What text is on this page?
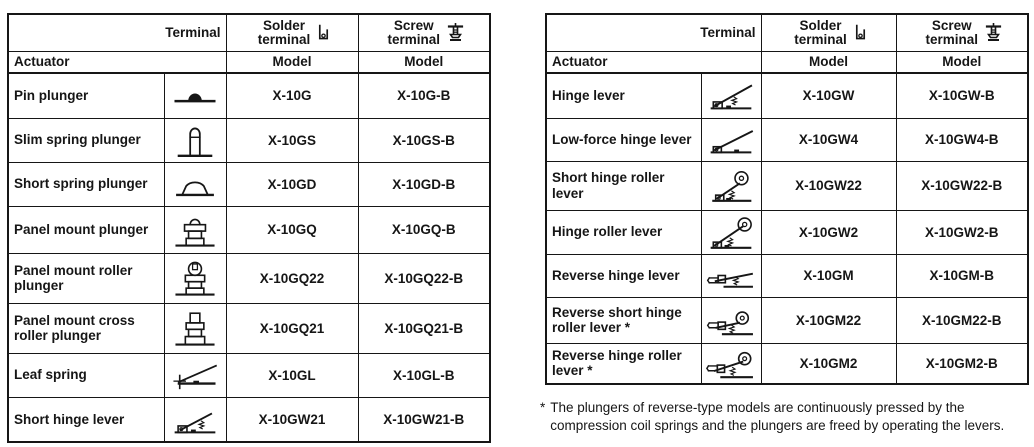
Terminal		Solder terminal	Screw terminal

Actuator		Model	Model
Pin plunger		X-10G	X-10G-B
Slim spring plunger		X-10GS	X-10GS-B
Short spring plunger		X-10GD	X-10GD-B
Panel mount plunger		X-10GQ	X-10GQ-B
Panel mount roller plunger		X-10GQ22	X-10GQ22-B
Panel mount cross roller plunger		X-10GQ21	X-10GQ21-B
Leaf spring		X-10GL	X-10GL-B
Short hinge lever		X-10GW21	X-10GW21-B
Terminal		Solder terminal	Screw terminal

Actuator		Model	Model
Hinge lever		X-10GW	X-10GW-B
Low-force hinge lever		X-10GW4	X-10GW4-B
Short hinge roller lever		X-10GW22	X-10GW22-B
Hinge roller lever		X-10GW2	X-10GW2-B
Reverse hinge lever		X-10GM	X-10GM-B
Reverse short hinge roller lever *		X-10GM22	X-10GM22-B
Reverse hinge roller lever *		X-10GM2	X-10GM2-B
* The plungers of reverse-type models are continuously pressed by the
compression coil springs and the plungers are freed by operating the levers.
